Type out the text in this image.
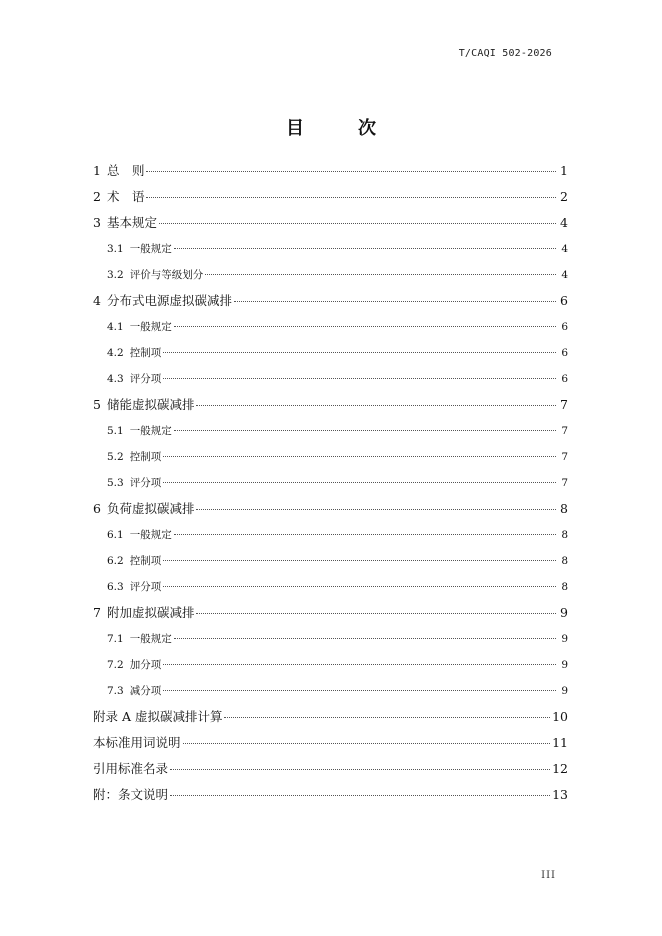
T/CAQI 502-2026
目　次
1 总　则	1
2 术　语	2
3 基本规定	4
3.1 一般规定	4
3.2 评价与等级划分	4
4 分布式电源虚拟碳减排	6
4.1 一般规定	6
4.2 控制项	6
4.3 评分项	6
5 储能虚拟碳减排	7
5.1 一般规定	7
5.2 控制项	7
5.3 评分项	7
6 负荷虚拟碳减排	8
6.1 一般规定	8
6.2 控制项	8
6.3 评分项	8
7 附加虚拟碳减排	9
7.1 一般规定	9
7.2 加分项	9
7.3 减分项	9
附录 A 虚拟碳减排计算	10
本标准用词说明	11
引用标准名录	12
附：条文说明	13
III
